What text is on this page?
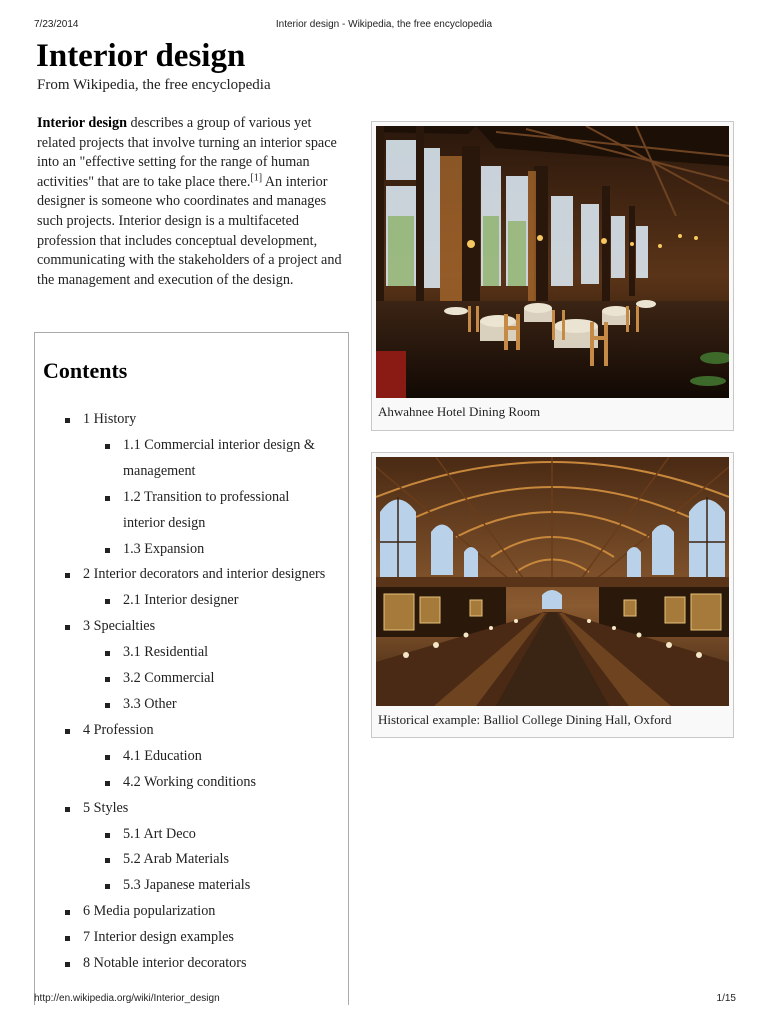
7/23/2014	Interior design - Wikipedia, the free encyclopedia
Interior design
From Wikipedia, the free encyclopedia

Interior design describes a group of various yet related projects that involve turning an interior space into an "effective setting for the range of human activities" that are to take place there.[1] An interior designer is someone who coordinates and manages such projects. Interior design is a multifaceted profession that includes conceptual development, communicating with the stakeholders of a project and the management and execution of the design.

Contents
1 History
1.1 Commercial interior design &
management
1.2 Transition to professional
interior design
1.3 Expansion
2 Interior decorators and interior designers
2.1 Interior designer
3 Specialties
3.1 Residential
3.2 Commercial
3.3 Other
4 Profession
4.1 Education
4.2 Working conditions
5 Styles
5.1 Art Deco
5.2 Arab Materials
5.3 Japanese materials
6 Media popularization
7 Interior design examples
8 Notable interior decorators
Ahwahnee Hotel Dining Room
Historical example: Balliol College Dining Hall, Oxford
http://en.wikipedia.org/wiki/Interior_design	1/15
